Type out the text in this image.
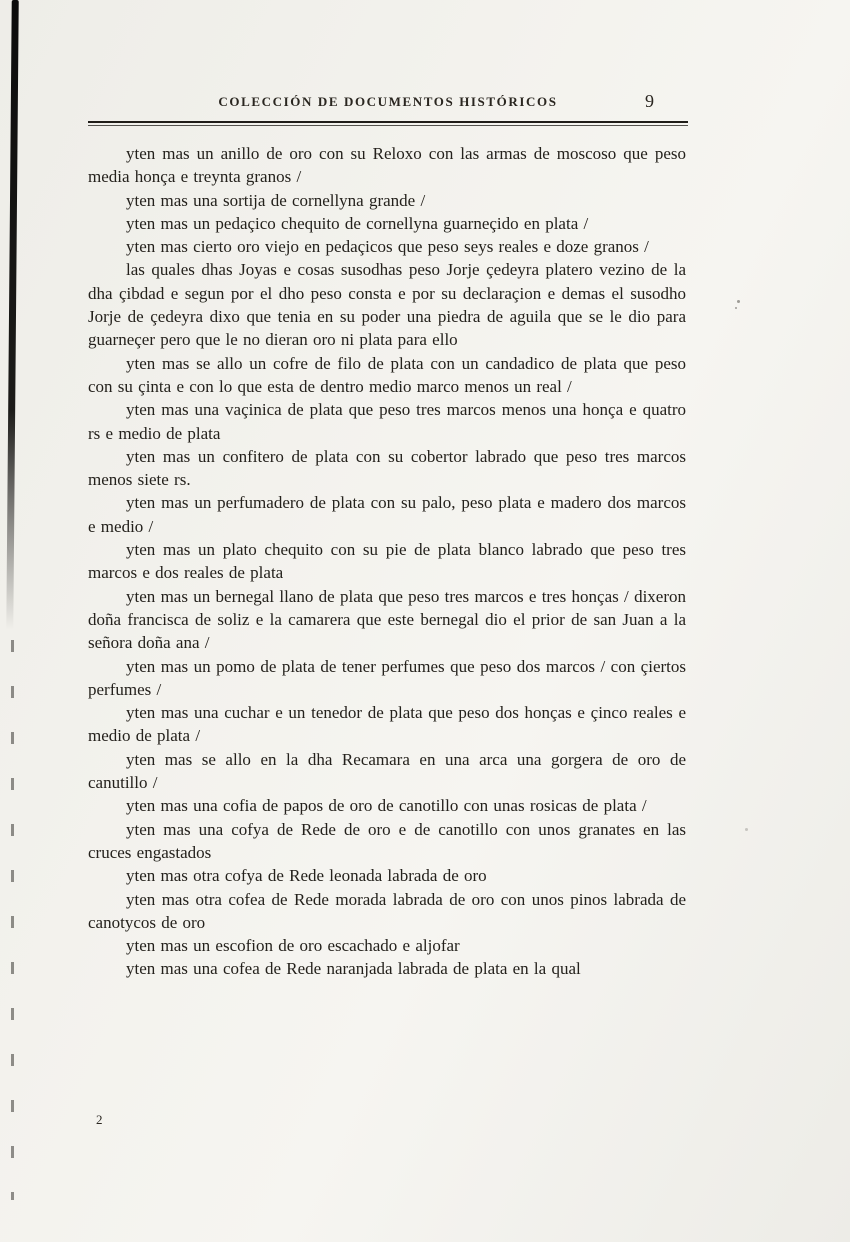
COLECCIÓN DE DOCUMENTOS HISTÓRICOS	9

yten mas un anillo de oro con su Reloxo con las armas de moscoso que peso media honça e treynta granos /

yten mas una sortija de cornellyna grande /

yten mas un pedaçico chequito de cornellyna guarneçido en plata /

yten mas cierto oro viejo en pedaçicos que peso seys reales e doze granos /

las quales dhas Joyas e cosas susodhas peso Jorje çedeyra platero vezino de la dha çibdad e segun por el dho peso consta e por su declaraçion e demas el susodho Jorje de çedeyra dixo que tenia en su poder una piedra de aguila que se le dio para guarneçer pero que le no dieran oro ni plata para ello

yten mas se allo un cofre de filo de plata con un candadico de plata que peso con su çinta e con lo que esta de dentro medio marco menos un real /

yten mas una vaçinica de plata que peso tres marcos menos una honça e quatro rs e medio de plata

yten mas un confitero de plata con su cobertor labrado que peso tres marcos menos siete rs.

yten mas un perfumadero de plata con su palo, peso plata e madero dos marcos e medio /

yten mas un plato chequito con su pie de plata blanco labrado que peso tres marcos e dos reales de plata

yten mas un bernegal llano de plata que peso tres marcos e tres honças / dixeron doña francisca de soliz e la camarera que este bernegal dio el prior de san Juan a la señora doña ana /

yten mas un pomo de plata de tener perfumes que peso dos marcos / con çiertos perfumes /

yten mas una cuchar e un tenedor de plata que peso dos honças e çinco reales e medio de plata /

yten mas se allo en la dha Recamara en una arca una gorgera de oro de canutillo /

yten mas una cofia de papos de oro de canotillo con unas rosicas de plata /

yten mas una cofya de Rede de oro e de canotillo con unos granates en las cruces engastados

yten mas otra cofya de Rede leonada labrada de oro

yten mas otra cofea de Rede morada labrada de oro con unos pinos labrada de canotycos de oro

yten mas un escofion de oro escachado e aljofar

yten mas una cofea de Rede naranjada labrada de plata en la qual

2
